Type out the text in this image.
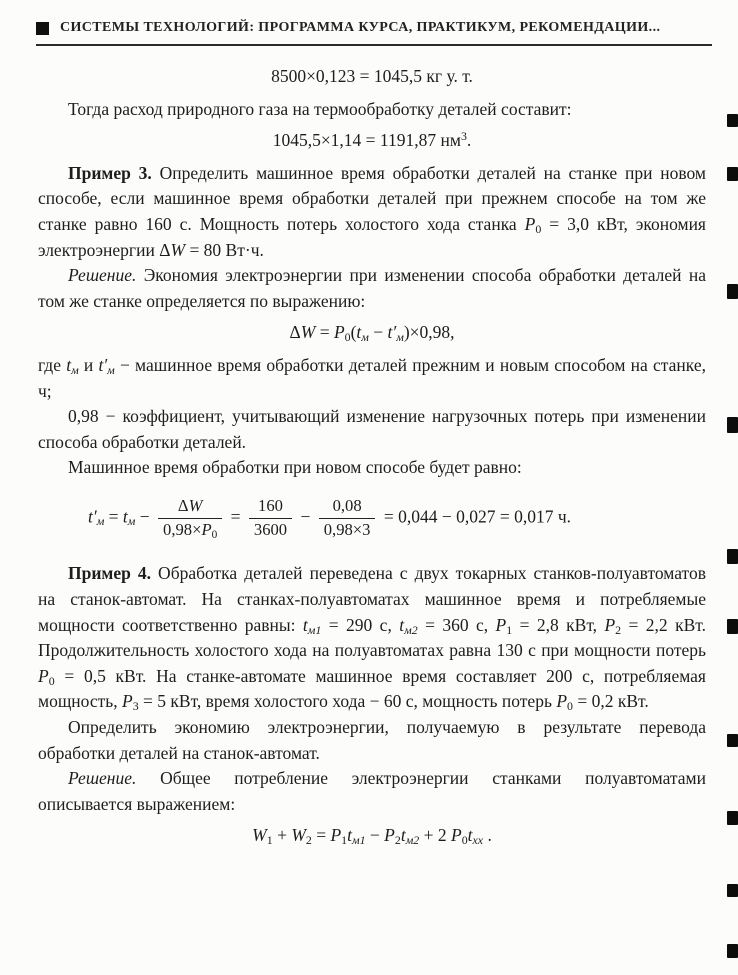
СИСТЕМЫ ТЕХНОЛОГИЙ: ПРОГРАММА КУРСА, ПРАКТИКУМ, РЕКОМЕНДАЦИИ...
8500×0,123 = 1045,5 кг у. т.
Тогда расход природного газа на термообработку деталей составит:
1045,5×1,14 = 1191,87 $нм^3$.
Пример 3. Определить машинное время обработки деталей на станке при новом способе, если машинное время обработки деталей при прежнем способе на том же станке равно 160 с. Мощность потерь холостого хода станка $P_0 = 3,0$ кВт, экономия электроэнергии ΔW = 80 Вт·ч.
Решение. Экономия электроэнергии при изменении способа обработки деталей на том же станке определяется по выражению:
$\Delta W = P_0(t_м - t'_м)\times 0,98$,
где $t_м$ и $t'_м$ − машинное время обработки деталей прежним и новым способом на станке, ч;
0,98 − коэффициент, учитывающий изменение нагрузочных потерь при изменении способа обработки деталей.
Машинное время обработки при новом способе будет равно:
$t'_м = t_м - \frac{\Delta W}{0,98\times P_0} = \frac{160}{3600} - \frac{0,08}{0,98\times 3} = 0,044 - 0,027 = 0,017$ ч.
Пример 4. Обработка деталей переведена с двух токарных станков-полуавтоматов на станок-автомат. На станках-полуавтоматах машинное время и потребляемые мощности соответственно равны: $t_{м1} = 290$ с, $t_{м2} = 360$ с, $P_1 = 2,8$ кВт, $P_2 = 2,2$ кВт. Продолжительность холостого хода на полуавтоматах равна 130 с при мощности потерь $P_0 = 0,5$ кВт. На станке-автомате машинное время составляет 200 с, потребляемая мощность, $P_3 = 5$ кВт, время холостого хода − 60 с, мощность потерь $P_0 = 0,2$ кВт.
Определить экономию электроэнергии, получаемую в результате перевода обработки деталей на станок-автомат.
Решение. Общее потребление электроэнергии станками полуавтоматами описывается выражением:
$W_1 + W_2 = P_1t_{м1} - P_2t_{м2} + 2$ $P_0t_{хх}$ .
